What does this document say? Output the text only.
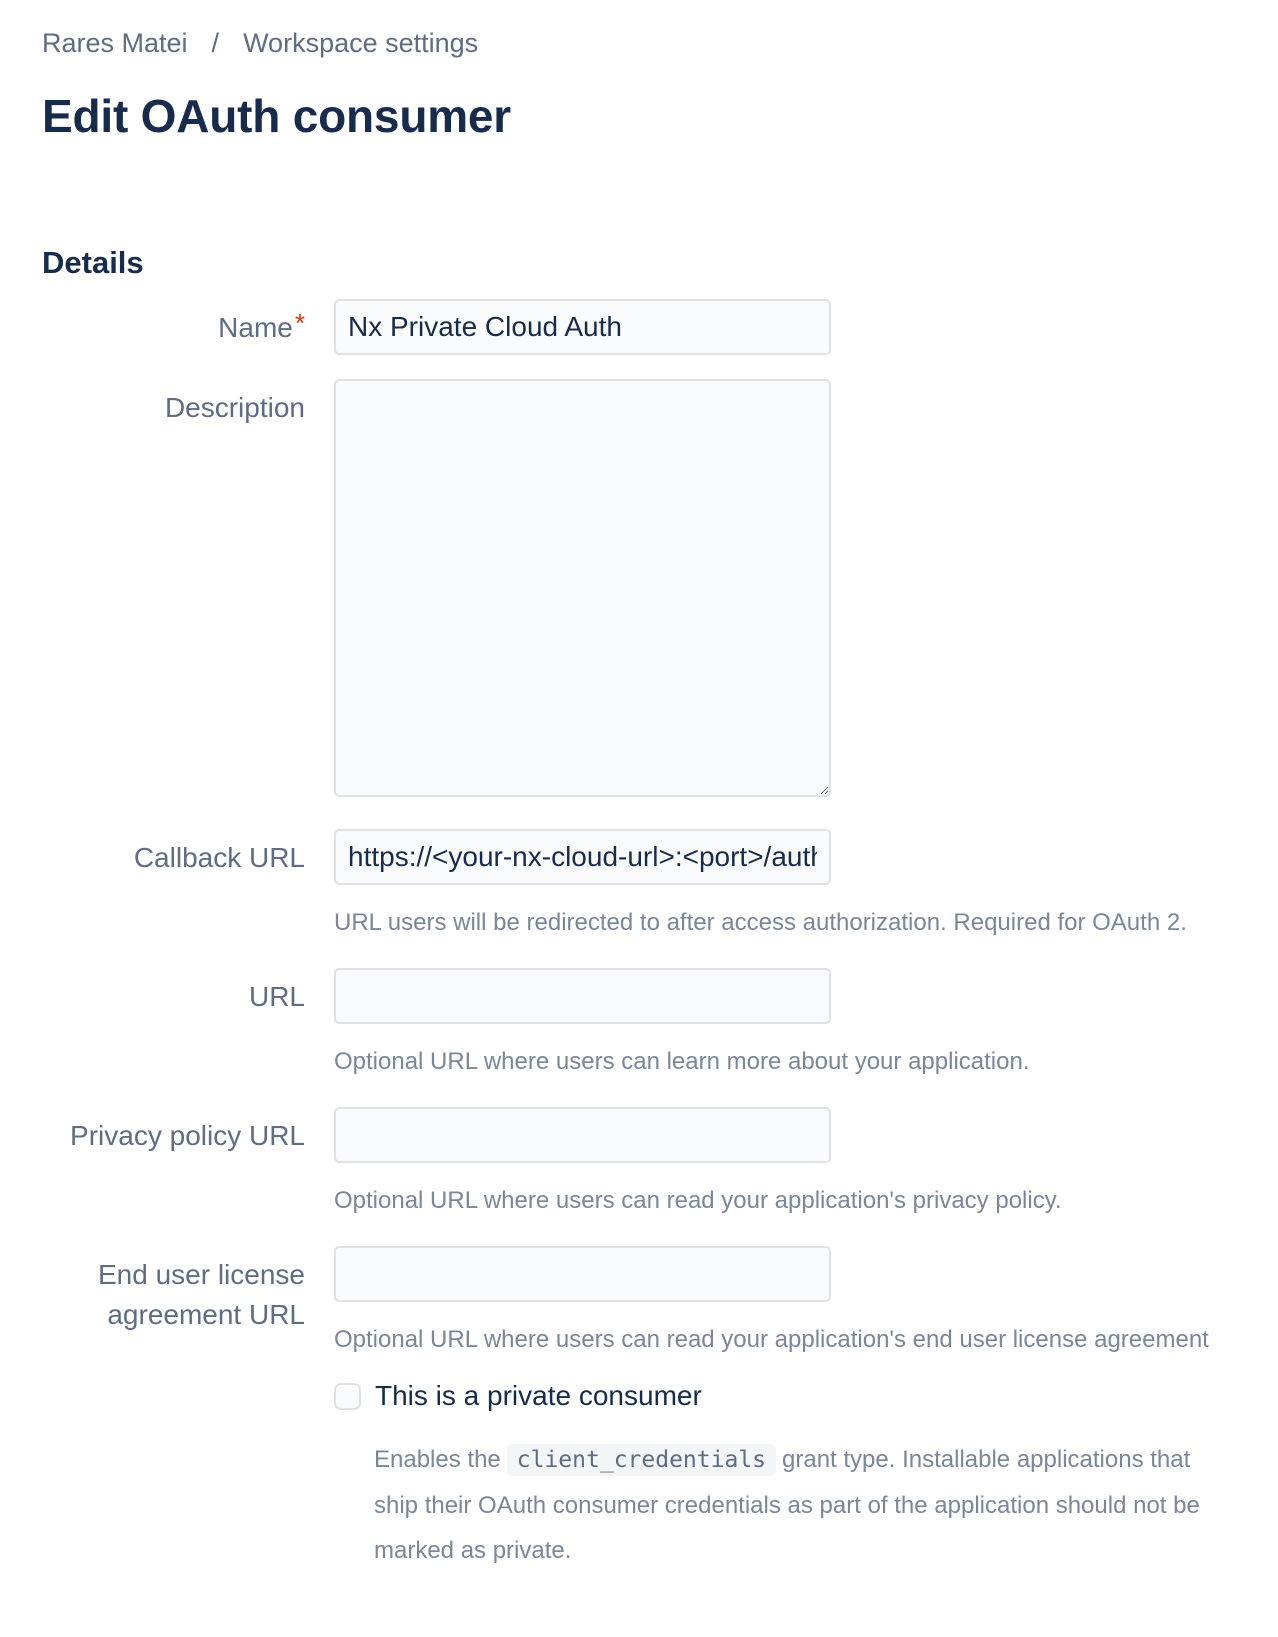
Rares Matei / Workspace settings
Edit OAuth consumer
Details
Name*
Nx Private Cloud Auth
Description
Callback URL
https://<your-nx-cloud-url>:<port>/auth
URL users will be redirected to after access authorization. Required for OAuth 2.
URL
Optional URL where users can learn more about your application.
Privacy policy URL
Optional URL where users can read your application's privacy policy.
End user license agreement URL
Optional URL where users can read your application's end user license agreement
This is a private consumer

Enables the client_credentials grant type. Installable applications that ship their OAuth consumer credentials as part of the application should not be marked as private.
